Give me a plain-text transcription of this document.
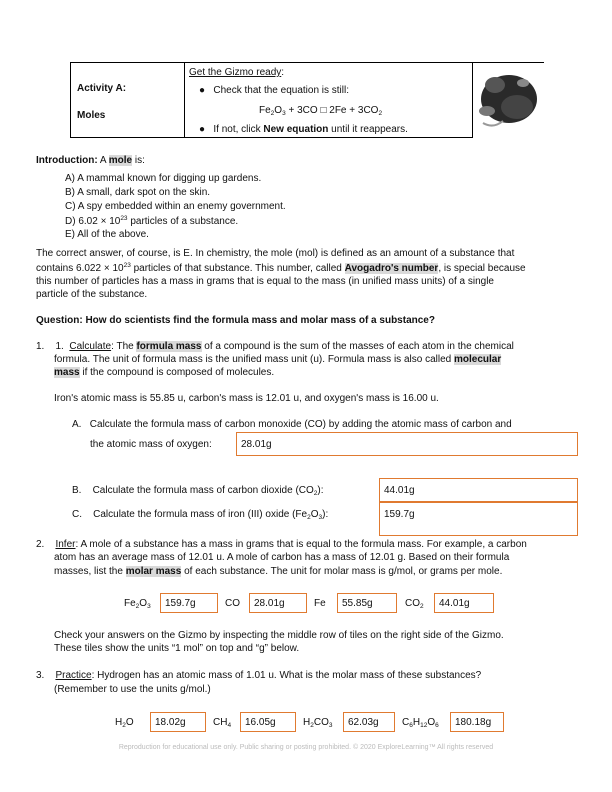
Activity A:
Moles
Get the Gizmo ready:
●   Check that the equation is still:
$Fe_2O_3 + 3CO$ □ $2Fe + 3CO_2$
●   If not, click New equation until it reappears.
Introduction: A mole is:
A) A mammal known for digging up gardens.
B) A small, dark spot on the skin.
C) A spy embedded within an enemy government.
D) $6.02 \times 10^{23}$ particles of a substance.
E) All of the above.
The correct answer, of course, is E. In chemistry, the mole (mol) is defined as an amount of a substance that
contains $6.022 \times 10^{23}$ particles of that substance. This number, called Avogadro's number, is special because
this number of particles has a mass in grams that is equal to the mass (in unified mass units) of a single
particle of the substance.
Question: How do scientists find the formula mass and molar mass of a substance?
1. 1. Calculate: The formula mass of a compound is the sum of the masses of each atom in the chemical
formula. The unit of formula mass is the unified mass unit (u). Formula mass is also called molecular
mass if the compound is composed of molecules.
Iron's atomic mass is 55.85 u, carbon's mass is 12.01 u, and oxygen's mass is 16.00 u.
A. Calculate the formula mass of carbon monoxide (CO) by adding the atomic mass of carbon and
the atomic mass of oxygen:	28.01g
B. Calculate the formula mass of carbon dioxide $(CO_2)$:	44.01g
C. Calculate the formula mass of iron (III) oxide $(Fe_2O_3)$:	159.7g
2. Infer: A mole of a substance has a mass in grams that is equal to the formula mass. For example, a carbon
atom has an average mass of 12.01 u. A mole of carbon has a mass of 12.01 g. Based on their formula
masses, list the molar mass of each substance. The unit for molar mass is g/mol, or grams per mole.
$Fe_2O_3$	159.7g	CO	28.01g	Fe	55.85g	$CO_2$	44.01g
Check your answers on the Gizmo by inspecting the middle row of tiles on the right side of the Gizmo.
These tiles show the units “1 mol” on top and “g” below.
3. Practice: Hydrogen has an atomic mass of 1.01 u. What is the molar mass of these substances?
(Remember to use the units g/mol.)
$H_2O$	18.02g	$CH_4$	16.05g	$H_2CO_3$	62.03g	$C_6H_{12}O_6$	180.18g
Reproduction for educational use only. Public sharing or posting prohibited. © 2020 ExploreLearning™ All rights reserved
